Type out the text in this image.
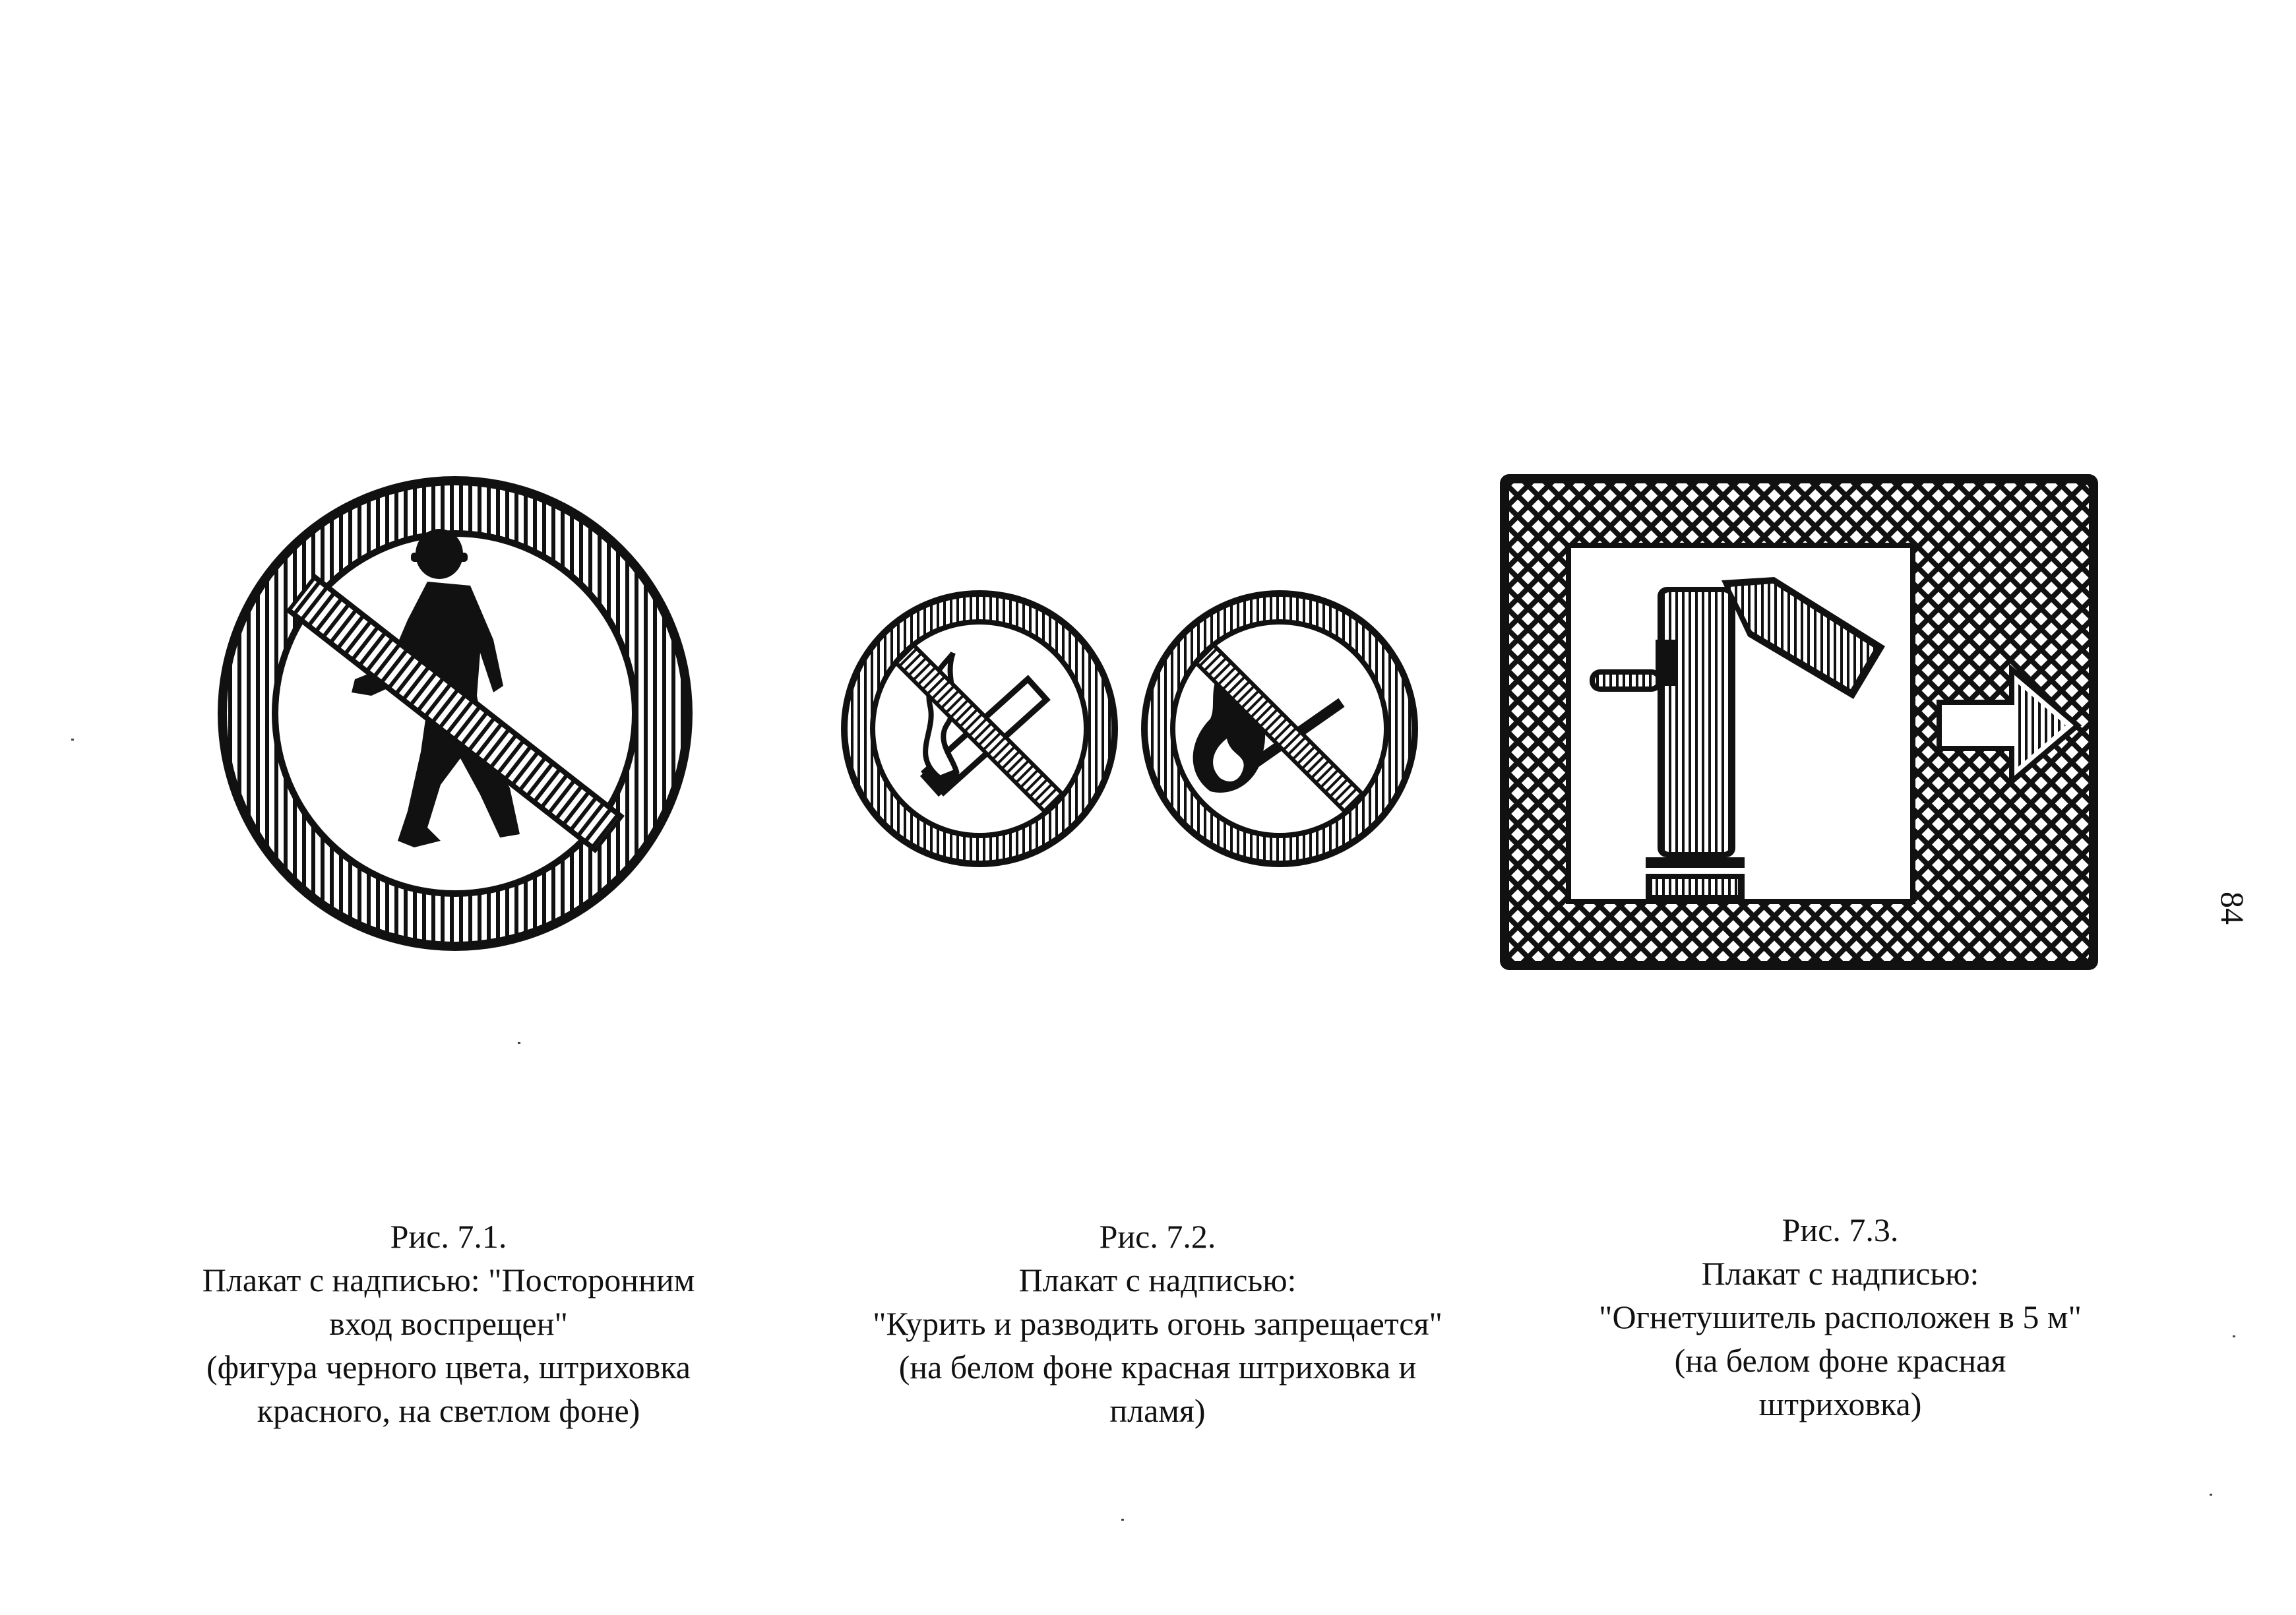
Рис. 7.1.
Плакат с надписью: "Посторонним
вход воспрещен"
(фигура черного цвета, штриховка
красного, на светлом фоне)
Рис. 7.2.
Плакат с надписью:
"Курить и разводить огонь запрещается"
(на белом фоне красная штриховка и
пламя)
Рис. 7.3.
Плакат с надписью:
"Огнетушитель расположен в 5 м"
(на белом фоне красная
штриховка)
84
